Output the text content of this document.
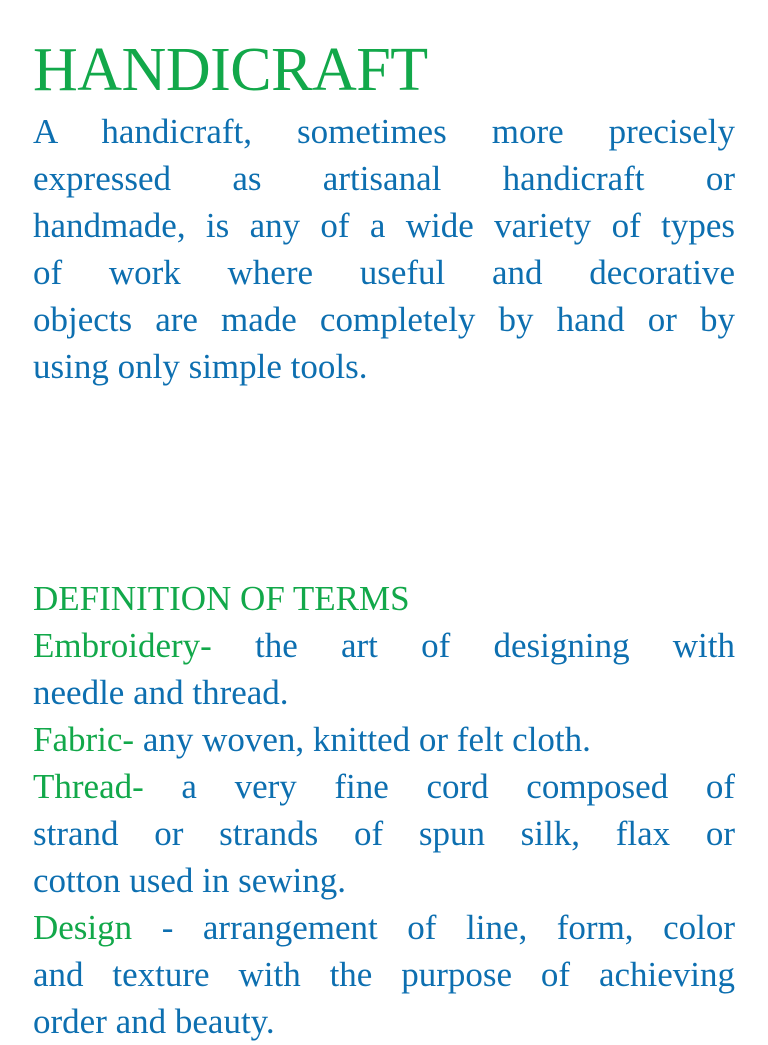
HANDICRAFT
A handicraft, sometimes more precisely
expressed as artisanal handicraft or
handmade, is any of a wide variety of types
of work where useful and decorative
objects are made completely by hand or by
using only simple tools.
DEFINITION OF TERMS
Embroidery- the art of designing with
needle and thread.
Fabric- any woven, knitted or felt cloth.
Thread- a very fine cord composed of
strand or strands of spun silk, flax or
cotton used in sewing.
Design - arrangement of line, form, color
and texture with the purpose of achieving
order and beauty.
